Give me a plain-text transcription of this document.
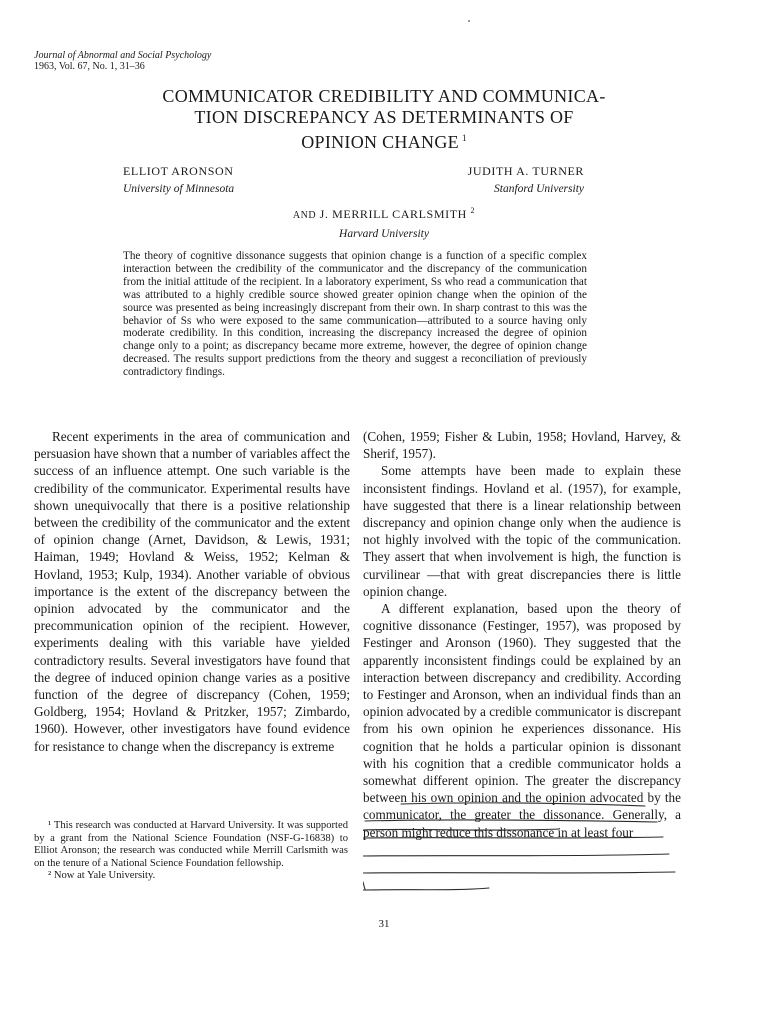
Journal of Abnormal and Social Psychology
1963, Vol. 67, No. 1, 31–36
COMMUNICATOR CREDIBILITY AND COMMUNICA-
TION DISCREPANCY AS DETERMINANTS OF
OPINION CHANGE $^1$
ELLIOT ARONSON
University of Minnesota
JUDITH A. TURNER
Stanford University
AND J. MERRILL CARLSMITH $^2$
Harvard University
The theory of cognitive dissonance suggests that opinion change is a function of a specific complex interaction between the credibility of the communicator and the discrepancy of the communication from the initial attitude of the recipient. In a laboratory experiment, Ss who read a communication that was attributed to a highly credible source showed greater opinion change when the opinion of the source was presented as being increasingly discrepant from their own. In sharp contrast to this was the behavior of Ss who were exposed to the same communication—attributed to a source having only moderate credibility. In this condition, increasing the discrepancy increased the degree of opinion change only to a point; as discrepancy became more extreme, however, the degree of opinion change decreased. The results support predictions from the theory and suggest a reconciliation of previously contradictory findings.

Recent experiments in the area of communication and persuasion have shown that a number of variables affect the success of an influence attempt. One such variable is the credibility of the communicator. Experimental results have shown unequivocally that there is a positive relationship between the credibility of the communicator and the extent of opinion change (Arnet, Davidson, & Lewis, 1931; Haiman, 1949; Hovland & Weiss, 1952; Kelman & Hovland, 1953; Kulp, 1934). Another variable of obvious importance is the extent of the discrepancy between the opinion advocated by the communicator and the precommunication opinion of the recipient. However, experiments dealing with this variable have yielded contradictory results. Several investigators have found that the degree of induced opinion change varies as a positive function of the degree of discrepancy (Cohen, 1959; Goldberg, 1954; Hovland & Pritzker, 1957; Zimbardo, 1960). However, other investigators have found evidence for resistance to change when the discrepancy is extreme

(Cohen, 1959; Fisher & Lubin, 1958; Hovland, Harvey, & Sherif, 1957).

Some attempts have been made to explain these inconsistent findings. Hovland et al. (1957), for example, have suggested that there is a linear relationship between discrepancy and opinion change only when the audience is not highly involved with the topic of the communication. They assert that when involvement is high, the function is curvilinear —that with great discrepancies there is little opinion change.

A different explanation, based upon the theory of cognitive dissonance (Festinger, 1957), was proposed by Festinger and Aronson (1960). They suggested that the apparently inconsistent findings could be explained by an interaction between discrepancy and credibility. According to Festinger and Aronson, when an individual finds than an opinion advocated by a credible communicator is discrepant from his own opinion he experiences dissonance. His cognition that he holds a particular opinion is dissonant with his cognition that a credible communicator holds a somewhat different opinion. The greater the discrepancy between his own opinion and the opinion advocated by the communicator, the greater the dissonance. Generally, a person might reduce this dissonance in at least four

¹ This research was conducted at Harvard University. It was supported by a grant from the National Science Foundation (NSF-G-16838) to Elliot Aronson; the research was conducted while Merrill Carlsmith was on the tenure of a National Science Foundation fellowship.

² Now at Yale University.

31
